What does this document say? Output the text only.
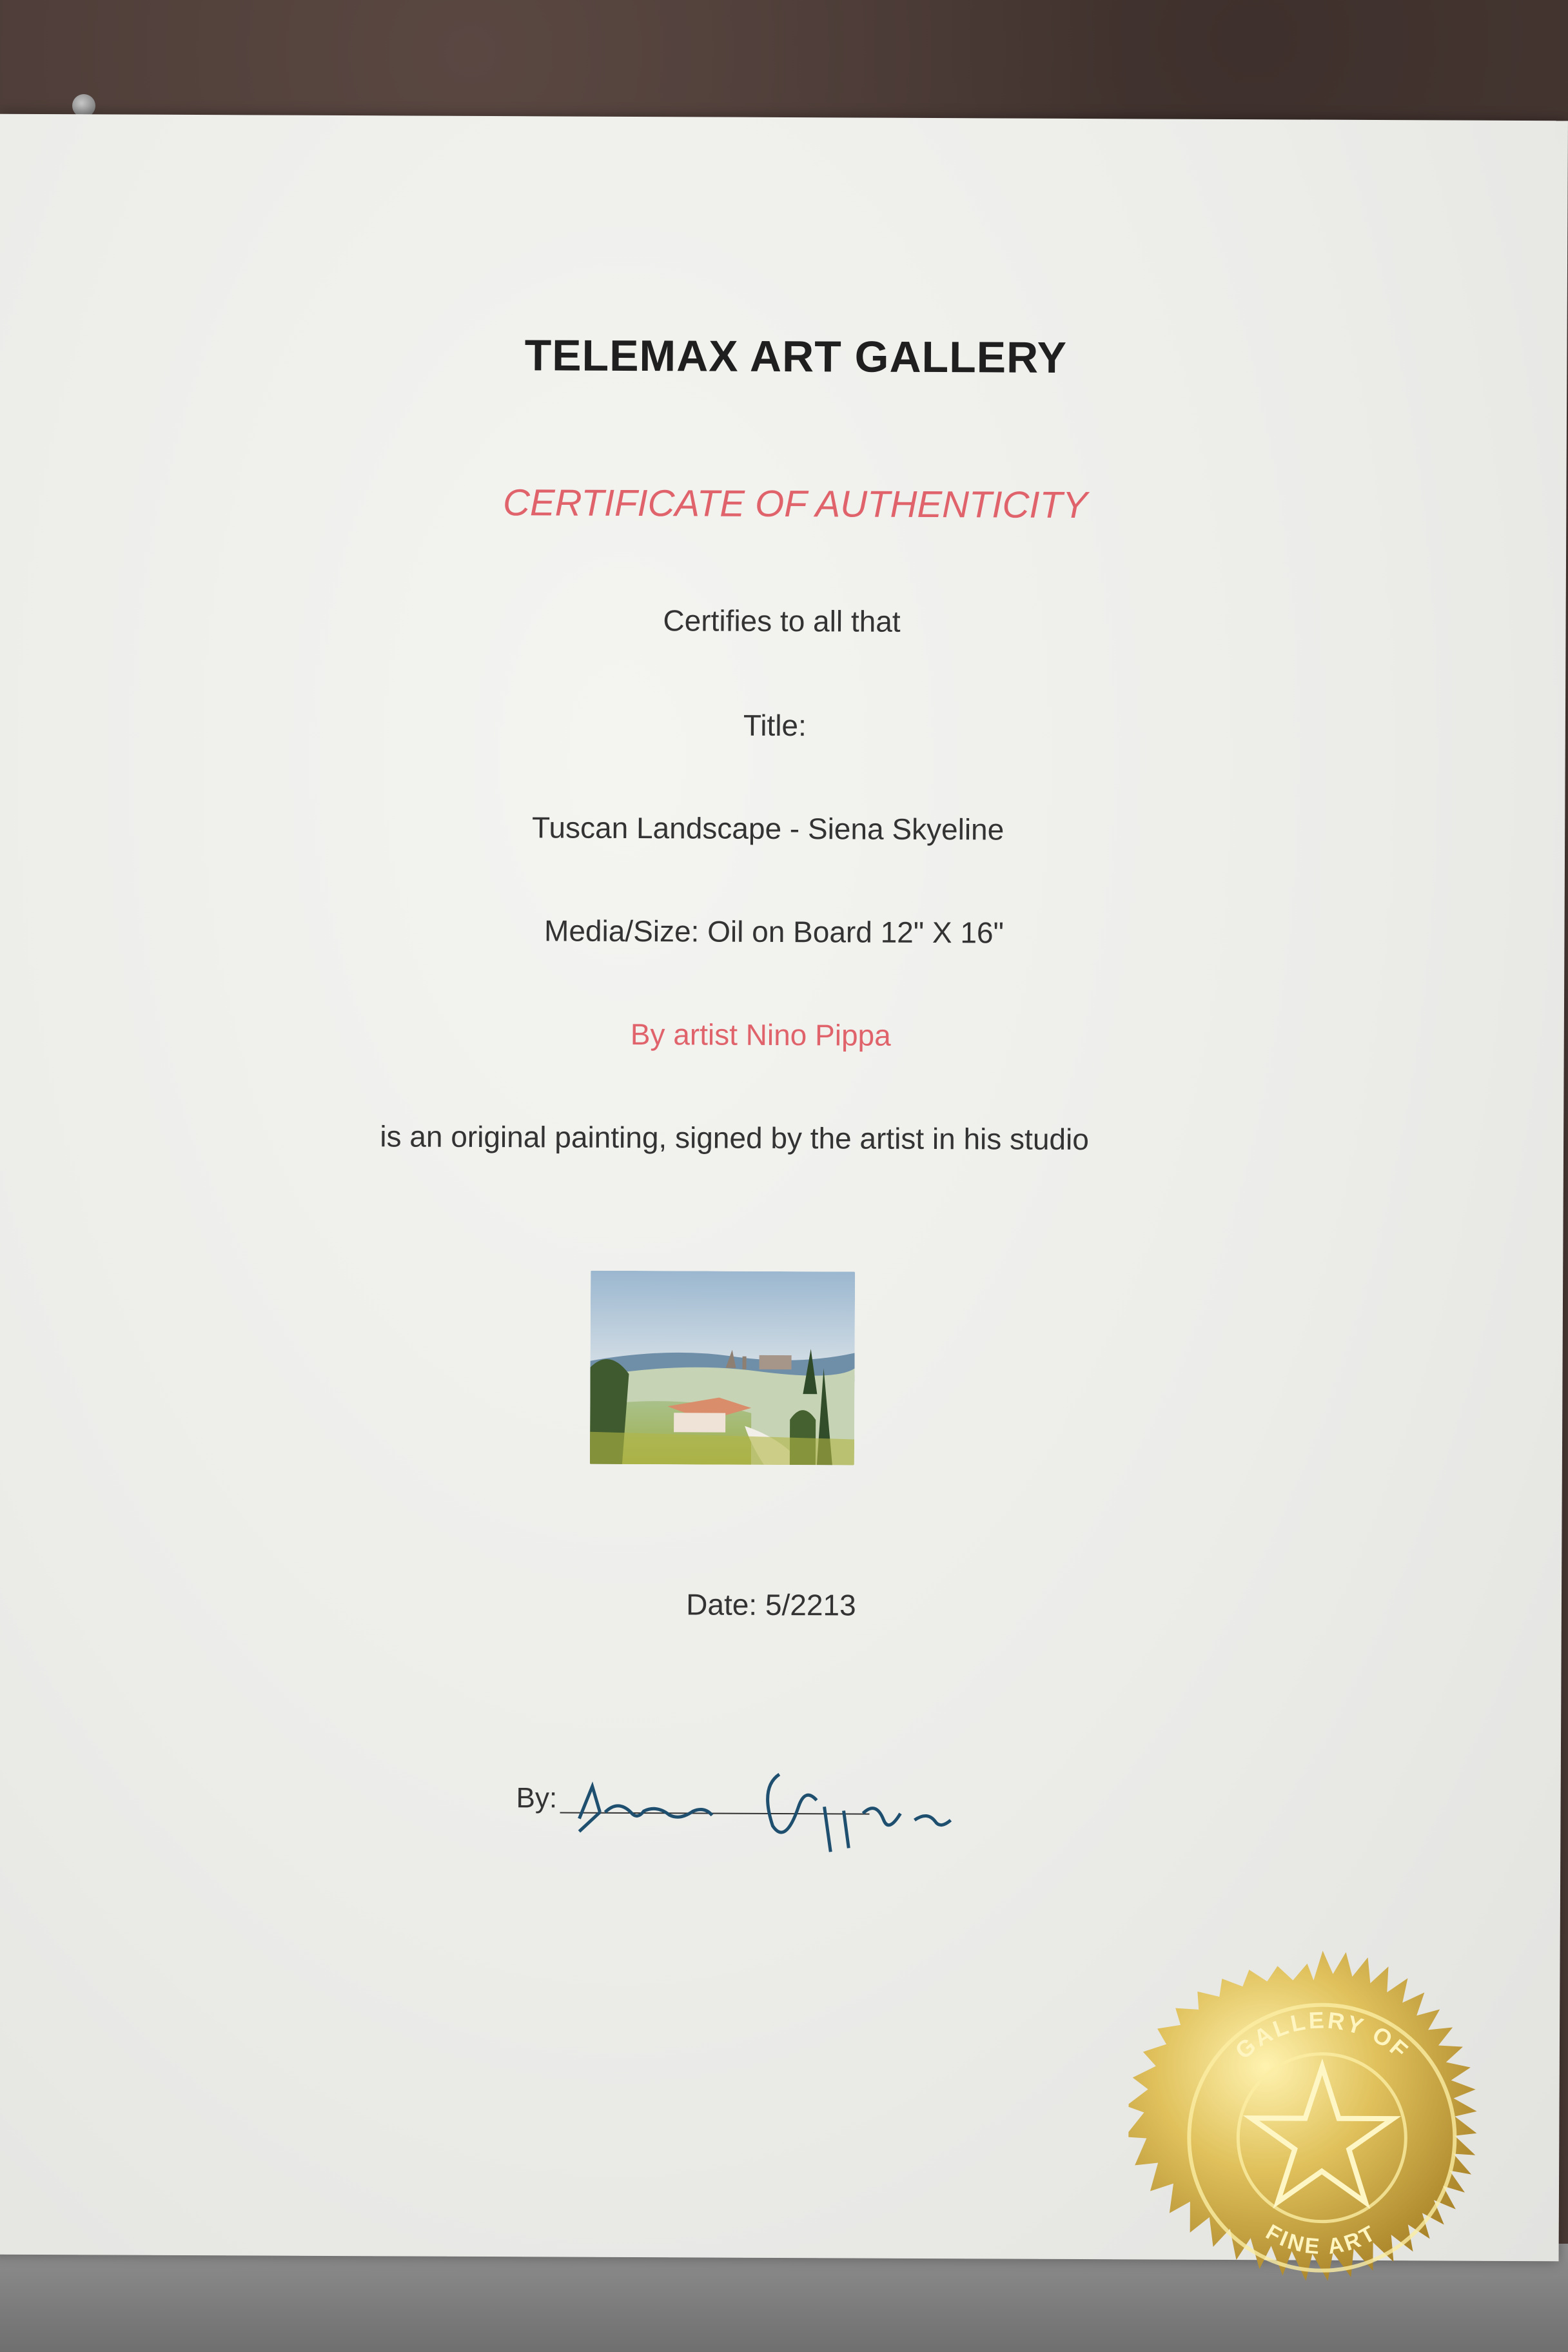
TELEMAX ART GALLERY
CERTIFICATE OF AUTHENTICITY
Certifies to all that
Title:
Tuscan Landscape - Siena Skyeline
Media/Size: Oil on Board 12" X 16"
By artist Nino Pippa
is an original painting, signed by the artist in his studio
Date: 5/2213
By:
GALLERY OF
FINE ART
